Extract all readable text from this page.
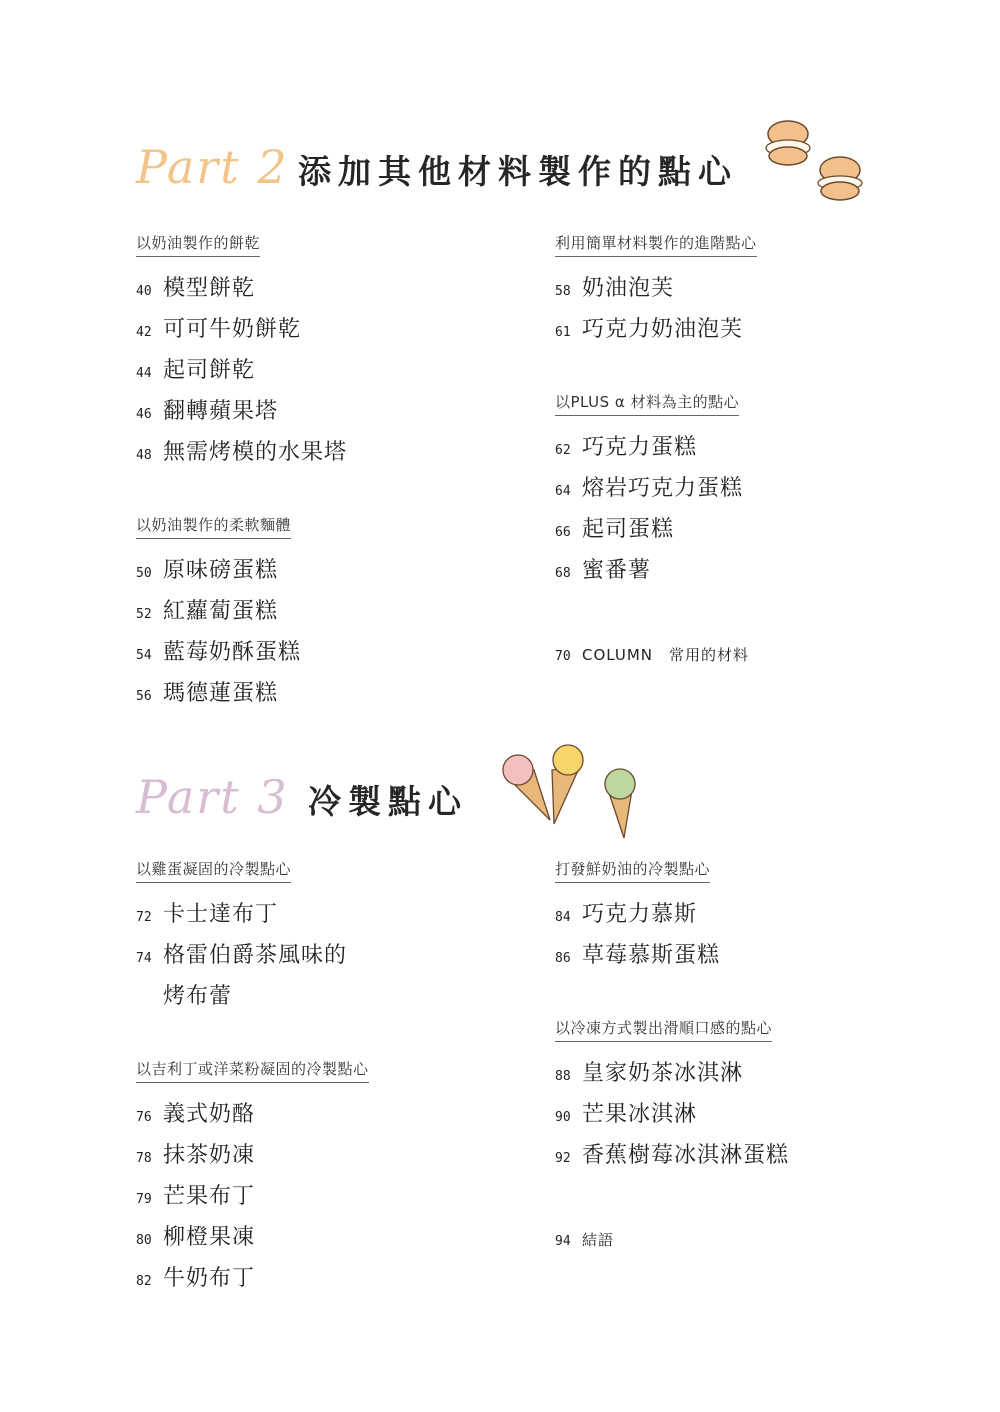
Part 2 添加其他材料製作的點心
以奶油製作的餅乾
40 模型餅乾
42 可可牛奶餅乾
44 起司餅乾
46 翻轉蘋果塔
48 無需烤模的水果塔
以奶油製作的柔軟麵體
50 原味磅蛋糕
52 紅蘿蔔蛋糕
54 藍莓奶酥蛋糕
56 瑪德蓮蛋糕
利用簡單材料製作的進階點心
58 奶油泡芙
61 巧克力奶油泡芙
以PLUS α 材料為主的點心
62 巧克力蛋糕
64 熔岩巧克力蛋糕
66 起司蛋糕
68 蜜番薯
70 COLUMN　常用的材料
Part 3 冷製點心
以雞蛋凝固的冷製點心
72 卡士達布丁
74 格雷伯爵茶風味的
烤布蕾
以吉利丁或洋菜粉凝固的冷製點心
76 義式奶酪
78 抹茶奶凍
79 芒果布丁
80 柳橙果凍
82 牛奶布丁
打發鮮奶油的冷製點心
84 巧克力慕斯
86 草莓慕斯蛋糕
以冷凍方式製出滑順口感的點心
88 皇家奶茶冰淇淋
90 芒果冰淇淋
92 香蕉樹莓冰淇淋蛋糕
94 結語
